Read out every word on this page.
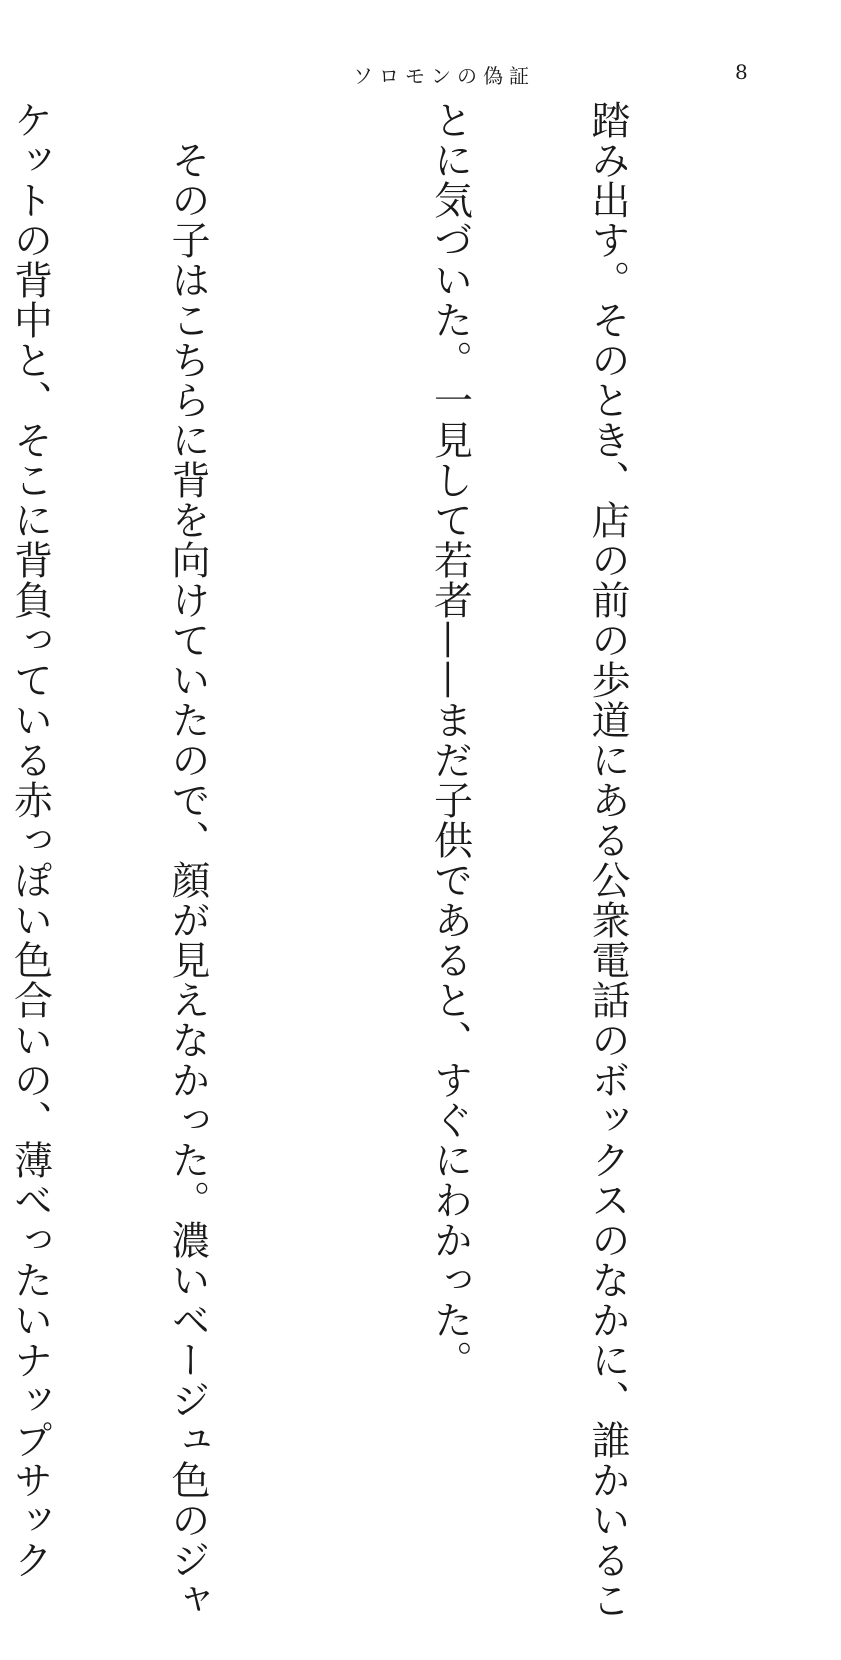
ソロモンの偽証	8

踏み出す。そのとき、店の前の歩道にある公衆電話のボックスのなかに、誰かいるこ

とに気づいた。一見して若者——まだ子供であると、すぐにわかった。

　その子はこちらに背を向けていたので、顔が見えなかった。濃いベージュ色のジャ

ケットの背中と、そこに背負っている赤っぽい色合いの、薄べったいナップサック
